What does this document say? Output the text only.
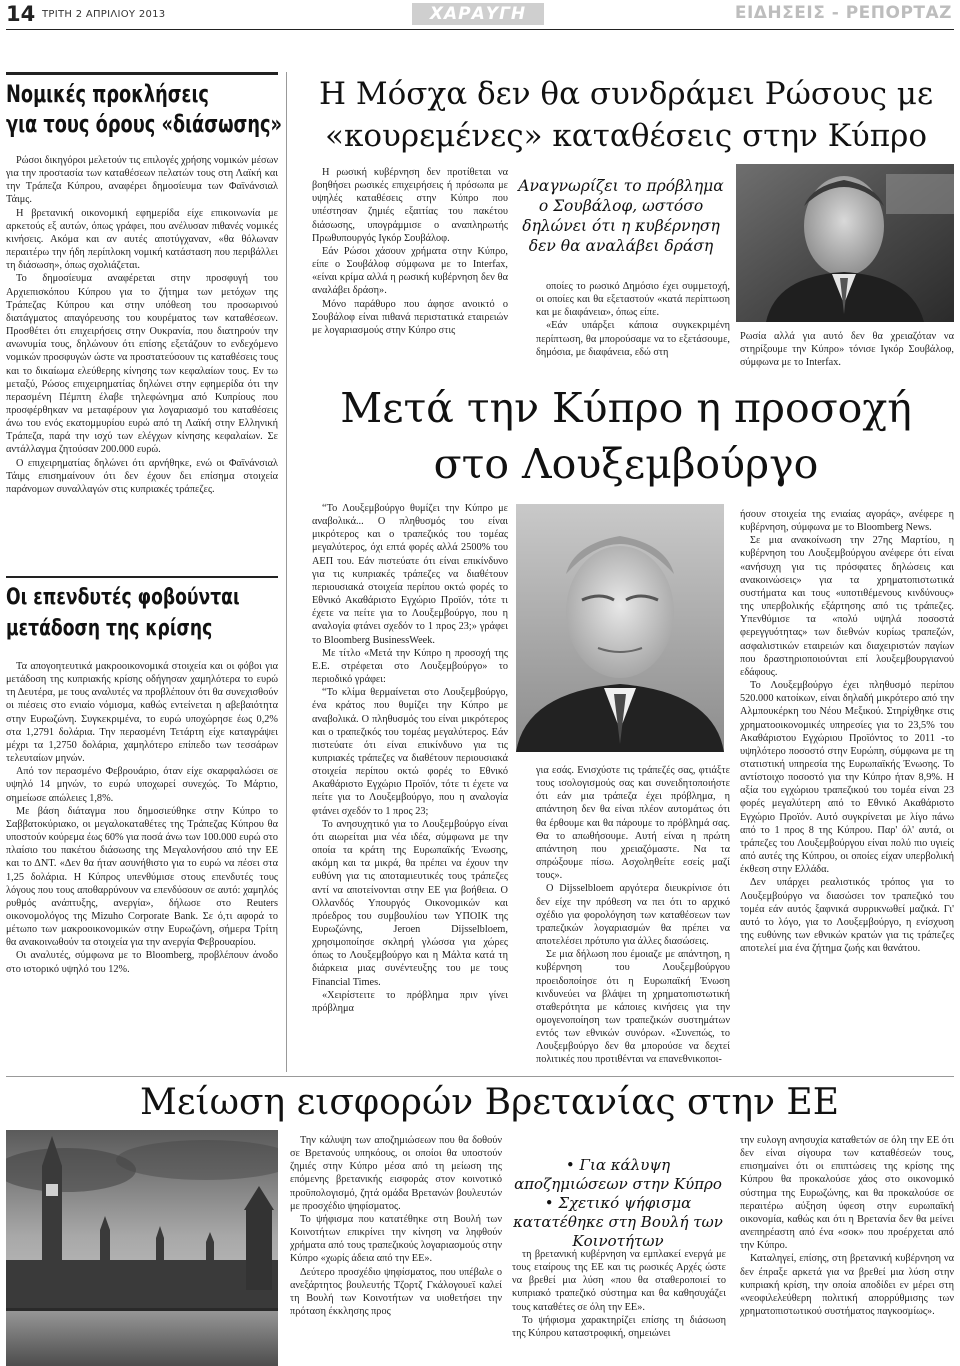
14 ΤΡΙΤΗ 2 ΑΠΡΙΛΙΟΥ 2013	ΧΑΡΑΥΓΗ	ΕΙΔΗΣΕΙΣ - ΡΕΠΟΡΤΑΖ
Νομικές προκλήσεις
για τους όρους «διάσωσης»

Ρώσοι δικηγόροι μελετούν τις επιλογές χρήσης νομικών μέσων για την προστασία των καταθέσεων πελατών τους στη Λαϊκή και την Τράπεζα Κύπρου, αναφέρει δημοσίευμα των Φαϊνάνσιαλ Τάιμς.

Η βρετανική οικονομική εφημερίδα είχε επικοινωνία με αρκετούς εξ αυτών, όπως γράφει, που ανέλυσαν πιθανές νομικές κινήσεις. Ακόμα και αν αυτές αποτύγχαναν, «θα θόλωναν περαιτέρω την ήδη περίπλοκη νομική κατάσταση που περιβάλλει τη διάσωση», όπως σχολιάζεται.

Το δημοσίευμα αναφέρεται στην προσφυγή του Αρχιεπισκόπου Κύπρου για το ζήτημα των μετόχων της Τράπεζας Κύπρου και στην υπόθεση του προσωρινού διατάγματος απαγόρευσης του κουρέματος των καταθέσεων. Προσθέτει ότι επιχειρήσεις στην Ουκρανία, που διατηρούν την ανωνυμία τους, δηλώνουν ότι επίσης εξετάζουν το ενδεχόμενο νομικών προσφυγών ώστε να προστατεύσουν τις καταθέσεις τους και το δικαίωμα ελεύθερης κίνησης των κεφαλαίων τους. Εν τω μεταξύ, Ρώσος επιχειρηματίας δηλώνει στην εφημερίδα ότι την περασμένη Πέμπτη έλαβε τηλεφώνημα από Κυπρίους που προσφέρθηκαν να μεταφέρουν για λογαριασμό του καταθέσεις άνω του ενός εκατομμυρίου ευρώ από τη Λαϊκή στην Ελληνική Τράπεζα, παρά την ισχύ των ελέγχων κίνησης κεφαλαίων. Σε αντάλλαγμα ζητούσαν 200.000 ευρώ.

Ο επιχειρηματίας δηλώνει ότι αρνήθηκε, ενώ οι Φαϊνάνσιαλ Τάιμς επισημαίνουν ότι δεν έχουν δει επίσημα στοιχεία παράνομων συναλλαγών στις κυπριακές τράπεζες.

Οι επενδυτές φοβούνται
μετάδοση της κρίσης

Τα απογοητευτικά μακροοικονομικά στοιχεία και οι φόβοι για μετάδοση της κυπριακής κρίσης οδήγησαν χαμηλότερα το ευρώ τη Δευτέρα, με τους αναλυτές να προβλέπουν ότι θα συνεχισθούν οι πιέσεις στο ενιαίο νόμισμα, καθώς εντείνεται η αβεβαιότητα στην Ευρωζώνη. Συγκεκριμένα, το ευρώ υποχώρησε έως 0,2% στα 1,2791 δολάρια. Την περασμένη Τετάρτη είχε καταγράψει μέχρι τα 1,2750 δολάρια, χαμηλότερο επίπεδο των τεσσάρων τελευταίων μηνών.

Από τον περασμένο Φεβρουάριο, όταν είχε σκαρφαλώσει σε υψηλό 14 μηνών, το ευρώ υποχωρεί συνεχώς. Το Μάρτιο, σημείωσε απώλειες 1,8%.

Με βάση διάταγμα που δημοσιεύθηκε στην Κύπρο το Σαββατοκύριακο, οι μεγαλοκαταθέτες της Τράπεζας Κύπρου θα υποστούν κούρεμα έως 60% για ποσά άνω των 100.000 ευρώ στο πλαίσιο του πακέτου διάσωσης της Μεγαλονήσου από την ΕΕ και το ΔΝΤ. «Δεν θα ήταν ασυνήθιστο για το ευρώ να πέσει στα 1,25 δολάρια. Η Κύπρος υπενθύμισε στους επενδυτές τους λόγους που τους αποθαρρύνουν να επενδύσουν σε αυτό: χαμηλός ρυθμός ανάπτυξης, ανεργία», δήλωσε στο Reuters οικονομολόγος της Mizuho Corporate Bank. Σε ό,τι αφορά το μέτωπο των μακροοικονομικών στην Ευρωζώνη, σήμερα Τρίτη θα ανακοινωθούν τα στοιχεία για την ανεργία Φεβρουαρίου.

Οι αναλυτές, σύμφωνα με το Bloomberg, προβλέπουν άνοδο στο ιστορικό υψηλό του 12%.

Η Μόσχα δεν θα συνδράμει Ρώσους με
«κουρεμένες» καταθέσεις στην Κύπρο

Η ρωσική κυβέρνηση δεν προτίθεται να βοηθήσει ρωσικές επιχειρήσεις ή πρόσωπα με υψηλές καταθέσεις στην Κύπρο που υπέστησαν ζημιές εξαιτίας του πακέτου διάσωσης, υπογράμμισε ο αναπληρωτής Πρωθυπουργός Ιγκόρ Σουβάλοφ.

Εάν Ρώσοι χάσουν χρήματα στην Κύπρο, είπε ο Σουβάλοφ σύμφωνα με το Interfax, «είναι κρίμα αλλά η ρωσική κυβέρνηση δεν θα αναλάβει δράση».

Μόνο παράθυρο που άφησε ανοικτό ο Σουβάλοφ είναι πιθανά περιστατικά εταιρειών με λογαριασμούς στην Κύπρο στις

Αναγνωρίζει το πρόβλημα ο Σουβάλοφ, ωστόσο δηλώνει ότι η κυβέρνηση δεν θα αναλάβει δράση

οποίες το ρωσικό Δημόσιο έχει συμμετοχή, οι οποίες και θα εξεταστούν «κατά περίπτωση και με διαφάνεια», όπως είπε.

«Εάν υπάρξει κάποια συγκεκριμένη περίπτωση, θα μπορούσαμε να το εξετάσουμε, δημόσια, με διαφάνεια, εδώ στη

Ρωσία αλλά για αυτό δεν θα χρειαζόταν να στηρίξουμε την Κύπρο» τόνισε Ιγκόρ Σουβάλοφ, σύμφωνα με το Interfax.
Μετά την Κύπρο η προσοχή
στο Λουξεμβούργο

“Το Λουξεμβούργο θυμίζει την Κύπρο με αναβολικά... Ο πληθυσμός του είναι μικρότερος και ο τραπεζικός του τομέας μεγαλύτερος, όχι επτά φορές αλλά 2500% του ΑΕΠ του. Εάν πιστεύατε ότι είναι επικίνδυνο για τις κυπριακές τράπεζες να διαθέτουν περιουσιακά στοιχεία περίπου οκτώ φορές το Εθνικό Ακαθάριστο Εγχώριο Προϊόν, τότε τι έχετε να πείτε για το Λουξεμβούργο, που η αναλογία φτάνει σχεδόν το 1 προς 23;» γράφει το Bloomberg BusinessWeek.

Με τίτλο «Μετά την Κύπρο η προσοχή της Ε.Ε. στρέφεται στο Λουξεμβούργο» το περιοδικό γράφει:

“Το κλίμα θερμαίνεται στο Λουξεμβούργο, ένα κράτος που θυμίζει την Κύπρο με αναβολικά. Ο πληθυσμός του είναι μικρότερος και ο τραπεζικός του τομέας μεγαλύτερος. Εάν πιστεύατε ότι είναι επικίνδυνο για τις κυπριακές τράπεζες να διαθέτουν περιουσιακά στοιχεία περίπου οκτώ φορές το Εθνικό Ακαθάριστο Εγχώριο Προϊόν, τότε τι έχετε να πείτε για το Λουξεμβούργο, που η αναλογία φτάνει σχεδόν το 1 προς 23;

Το ανησυχητικό για το Λουξεμβούργο είναι ότι αιωρείται μια νέα ιδέα, σύμφωνα με την οποία τα κράτη της Ευρωπαϊκής Ένωσης, ακόμη και τα μικρά, θα πρέπει να έχουν την ευθύνη για τις αποταμιευτικές τους τράπεζες αντί να αποτείνονται στην ΕΕ για βοήθεια. Ο Ολλανδός Υπουργός Οικονομικών και πρόεδρος του συμβουλίου των ΥΠΟΙΚ της Ευρωζώνης, Jeroen Dijsselbloem, χρησιμοποίησε σκληρή γλώσσα για χώρες όπως το Λουξεμβούργο και η Μάλτα κατά τη διάρκεια μιας συνέντευξης του με τους Financial Times.

«Χειρίστειτε το πρόβλημα πριν γίνει πρόβλημα

για εσάς. Ενισχύστε τις τράπεζές σας, φτιάξτε τους ισολογισμούς σας και συνειδητοποιήστε ότι εάν μια τράπεζα έχει πρόβλημα, η απάντηση δεν θα είναι πλέον αυτομάτως ότι θα έρθουμε και θα πάρουμε το πρόβλημά σας. Θα το απωθήσουμε. Αυτή είναι η πρώτη απάντηση που χρειαζόμαστε. Να τα σπρώξουμε πίσω. Ασχοληθείτε εσείς μαζί τους».

Ο Dijsselbloem αργότερα διευκρίνισε ότι δεν είχε την πρόθεση να πει ότι το αρχικό σχέδιο για φορολόγηση των καταθέσεων των τραπεζικών λογαριασμών θα πρέπει να αποτελέσει πρότυπο για άλλες διασώσεις.

Σε μια δήλωση που έμοιαζε με απάντηση, η κυβέρνηση του Λουξεμβούργου προειδοποίησε ότι η Ευρωπαϊκή Ένωση κινδυνεύει να βλάψει τη χρηματοπιστωτική σταθερότητα με κάποιες κινήσεις για την ομογενοποίηση των τραπεζικών συστημάτων εντός των εθνικών συνόρων. «Συνεπώς, το Λουξεμβούργο δεν θα μπορούσε να δεχτεί πολιτικές που προτιθένται να επανεθνικοποι-

ήσουν στοιχεία της ενιαίας αγοράς», ανέφερε η κυβέρνηση, σύμφωνα με το Bloomberg News.

Σε μια ανακοίνωση την 27ης Μαρτίου, η κυβέρνηση του Λουξεμβούργου ανέφερε ότι είναι «ανήσυχη για τις πρόσφατες δηλώσεις και ανακοινώσεις» για τα χρηματοπιστωτικά συστήματα και τους «υποτιθέμενους κινδύνους» της υπερβολικής εξάρτησης από τις τράπεζες. Υπενθύμισε τα «πολύ υψηλά ποσοστά φερεγγυότητας» των διεθνών κυρίως τραπεζών, ασφαλιστικών εταιρειών και διαχειριστών παγίων που δραστηριοποιούνται επί λουξεμβουργιανού εδάφους.

Το Λουξεμβούργο έχει πληθυσμό περίπου 520.000 κατοίκων, είναι δηλαδή μικρότερο από την Αλμπουκέρκη του Νέου Μεξικού. Στηρίχθηκε στις χρηματοοικονομικές υπηρεσίες για το 23,5% του Ακαθάριστου Εγχώριου Προϊόντος το 2011 -το υψηλότερο ποσοστό στην Ευρώπη, σύμφωνα με τη στατιστική υπηρεσία της Ευρωπαϊκής Ένωσης. Το αντίστοιχο ποσοστό για την Κύπρο ήταν 8,9%. Η αξία του εγχώριου τραπεζικού του τομέα είναι 23 φορές μεγαλύτερη από το Εθνικό Ακαθάριστο Εγχώριο Προϊόν. Αυτό συγκρίνεται με λίγο πάνω από το 1 προς 8 της Κύπρου. Παρ' όλ' αυτά, οι τράπεζες του Λουξεμβούργου είναι πολύ πιο υγιείς από αυτές της Κύπρου, οι οποίες είχαν υπερβολική έκθεση στην Ελλάδα.

Δεν υπάρχει ρεαλιστικός τρόπος για το Λουξεμβούργο να διασώσει τον τραπεζικό του τομέα εάν αυτός ξαφνικά συρρικνωθεί μαζικά. Γι' αυτό το λόγο, για το Λουξεμβούργο, η ενίσχυση της ευθύνης των εθνικών κρατών για τις τράπεζες αποτελεί μια ένα ζήτημα ζωής και θανάτου.

Μείωση εισφορών Βρετανίας στην ΕΕ

Την κάλυψη των αποζημιώσεων που θα δοθούν σε Βρετανούς υπηκόους, οι οποίοι θα υποστούν ζημιές στην Κύπρο μέσα από τη μείωση της επόμενης βρετανικής εισφοράς στον κοινοτικό προϋπολογισμό, ζητά ομάδα Βρετανών βουλευτών με προσχέδιο ψηφίσματος.

Το ψήφισμα που κατατέθηκε στη Βουλή των Κοινοτήτων επικρίνει την κίνηση να ληφθούν χρήματα από τους τραπεζικούς λογαριασμούς στην Κύπρο «χωρίς άδεια από την ΕΕ».

Δεύτερο προσχέδιο ψηφίσματος, που υπέβαλε ο ανεξάρτητος βουλευτής Τζορτζ Γκάλογουεϊ καλεί τη Βουλή των Κοινοτήτων να υιοθετήσει την πρόταση έκκλησης προς

• Για κάλυψη αποζημιώσεων στην Κύπρο • Σχετικό ψήφισμα κατατέθηκε στη Βουλή των Κοινοτήτων

τη βρετανική κυβέρνηση να εμπλακεί ενεργά με τους εταίρους της ΕΕ και τις ρωσικές Αρχές ώστε να βρεθεί μια λύση «που θα σταθεροποιεί το κυπριακό τραπεζικό σύστημα και θα καθησυχάζει τους καταθέτες σε όλη την ΕΕ».

Το ψήφισμα χαρακτηρίζει επίσης τη διάσωση της Κύπρου καταστροφική, σημειώνει

την ευλογη ανησυχία καταθετών σε όλη την ΕΕ ότι δεν είναι σίγουρα των καταθέσεών τους, επισημαίνει ότι οι επιπτώσεις της κρίσης της Κύπρου θα προκαλούσε χάος στο οικονομικό σύστημα της Ευρωζώνης, και θα προκαλούσε σε περαιτέρω αύξηση ύφεση στην ευρωπαϊκή οικονομία, καθώς και ότι η Βρετανία δεν θα μείνει ανεπηρέαστη από ένα «σοκ» που προέρχεται από την Κύπρο.

Καταληγεί, επίσης, στη βρετανική κυβέρνηση να δεν έπραξε αρκετά για να βρεθεί μια λύση στην κυπριακή κρίση, την οποία αποδίδει εν μέρει στη «νεοφιλελεύθερη πολιτική απορρύθμισης των χρηματοπιστωτικού συστήματος παγκοσμίως».
